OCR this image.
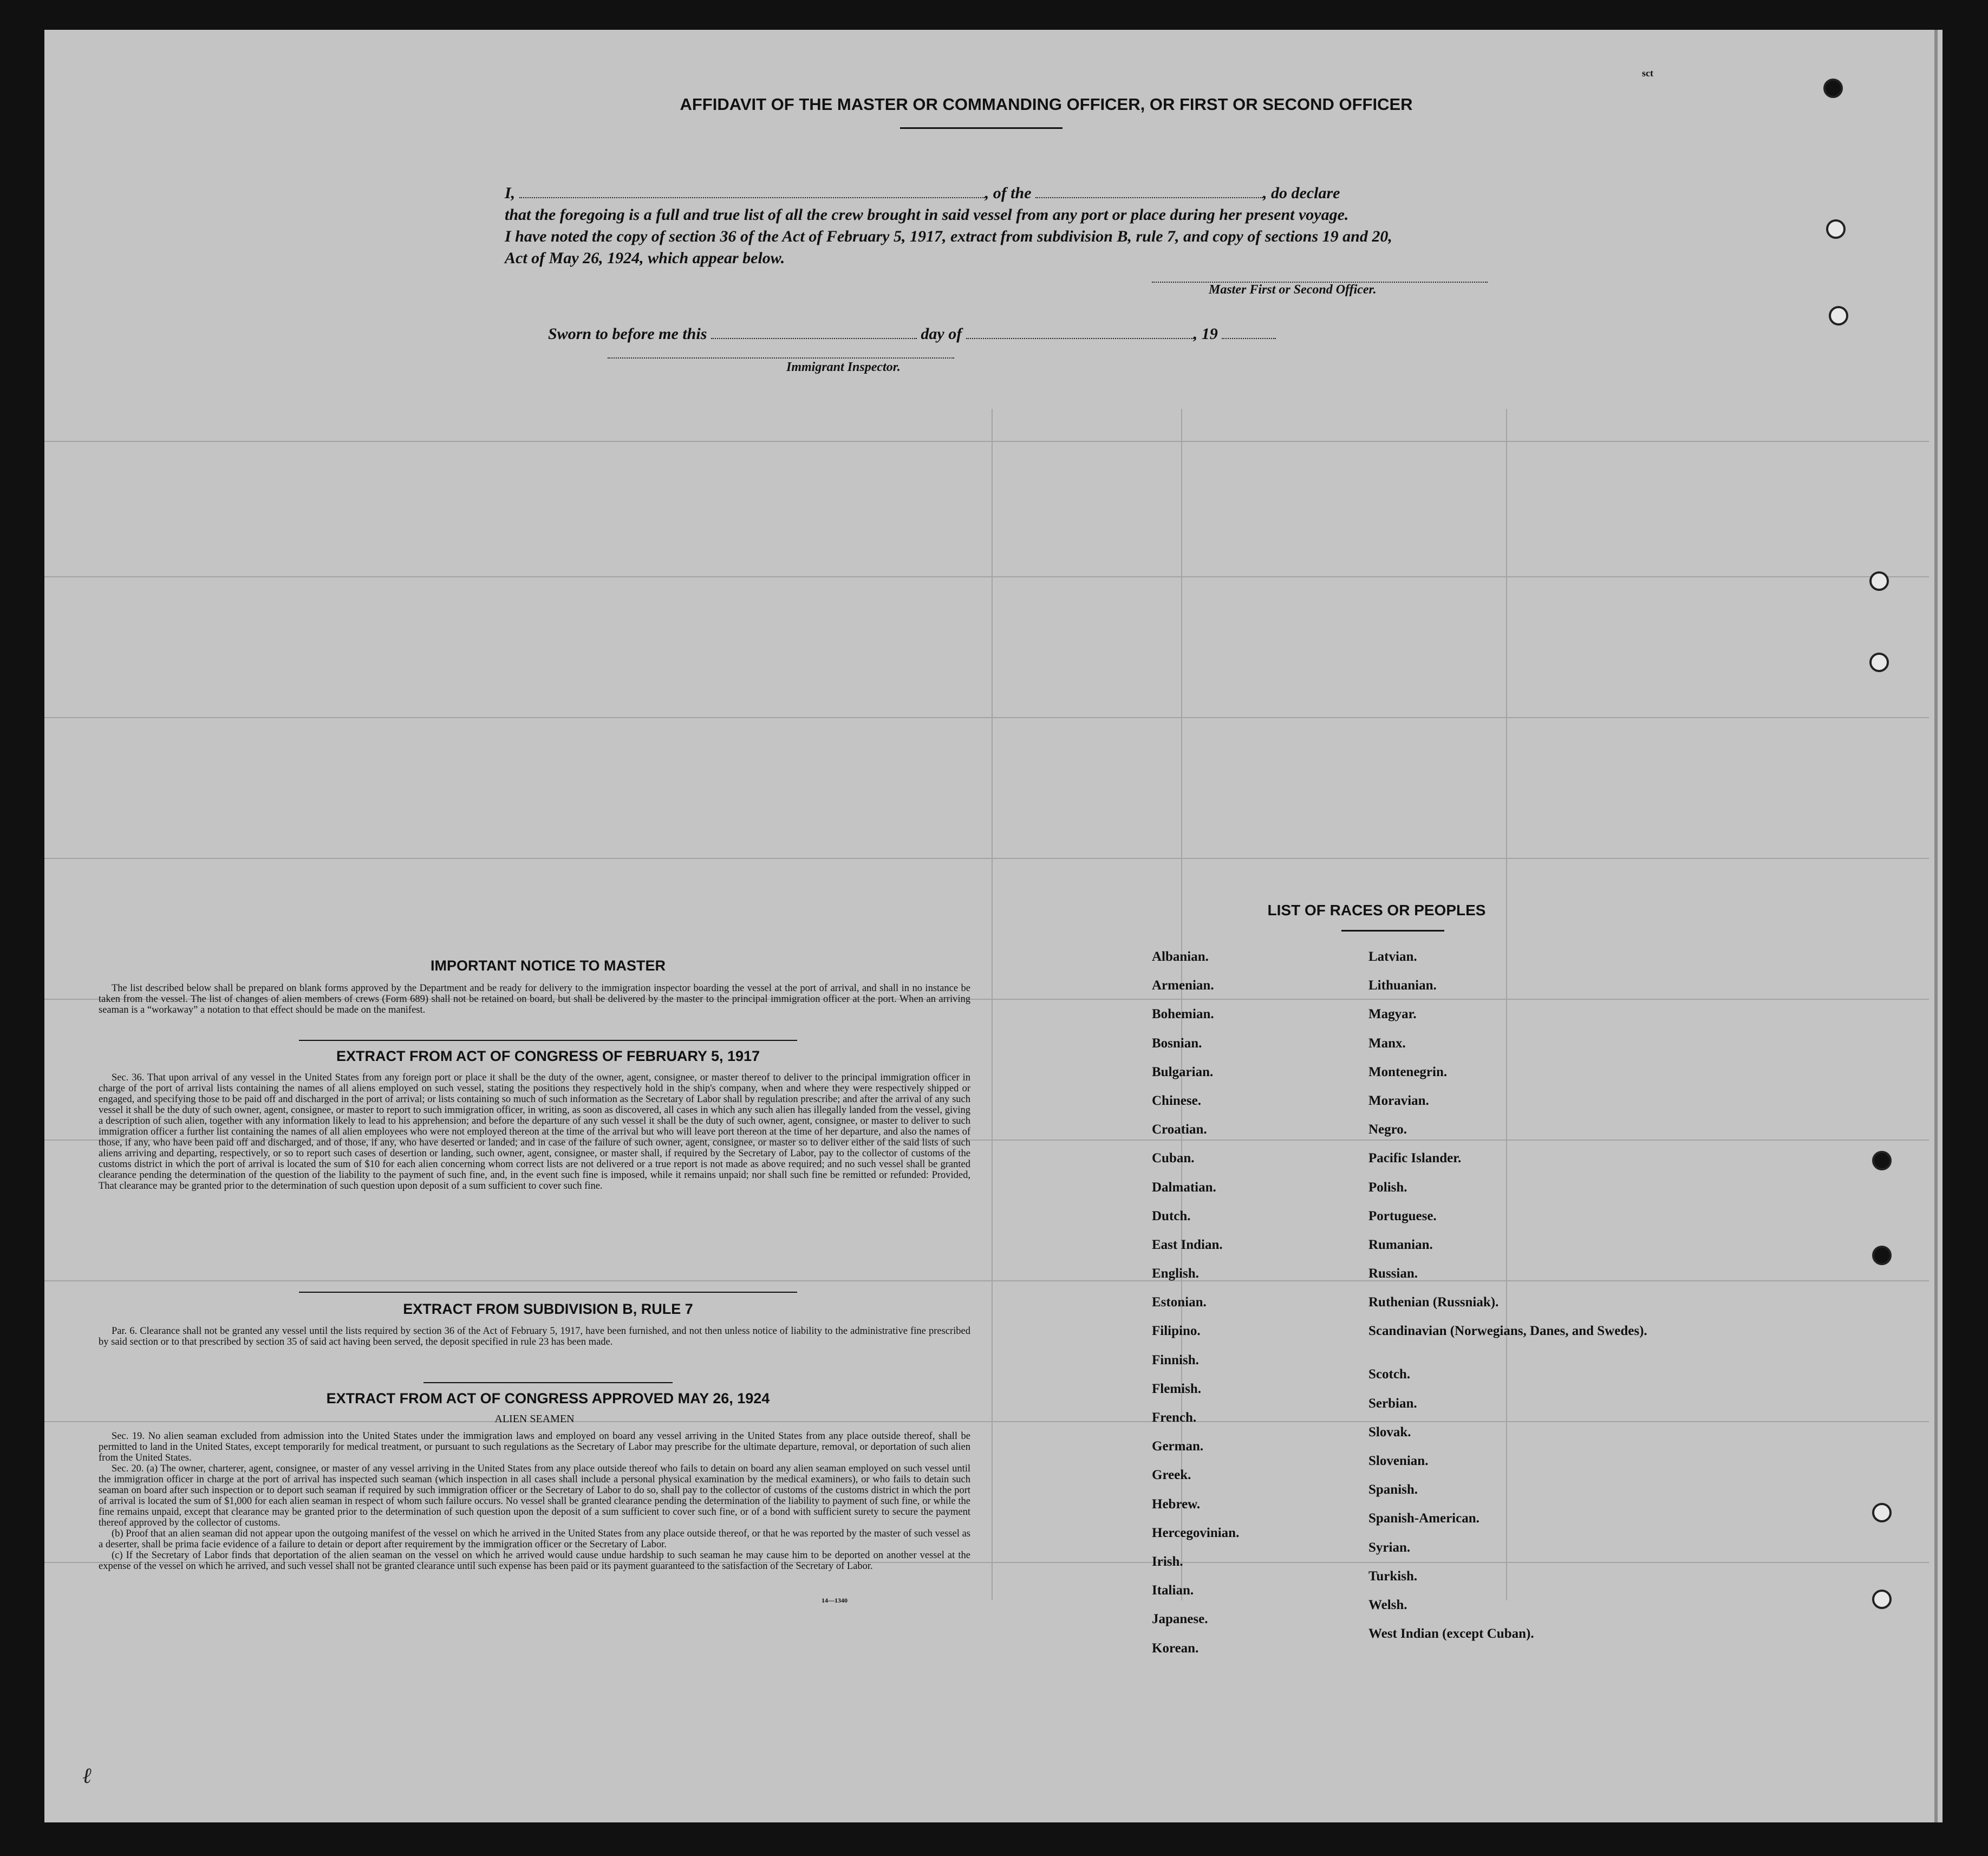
sct
AFFIDAVIT OF THE MASTER OR COMMANDING OFFICER, OR FIRST OR SECOND OFFICER
I,	, of the	, do declare
that the foregoing is a full and true list of all the crew brought in said vessel from any port or place during her present voyage.
I have noted the copy of section 36 of the Act of February 5, 1917, extract from subdivision B, rule 7, and copy of sections 19 and 20,
Act of May 26, 1924, which appear below.
Master First or Second Officer.
Sworn to before me this	day of	, 19
Immigrant Inspector.
IMPORTANT NOTICE TO MASTER

The list described below shall be prepared on blank forms approved by the Department and be ready for delivery to the immigration inspector boarding the vessel at the port of arrival, and shall in no instance be taken from the vessel. The list of changes of alien members of crews (Form 689) shall not be retained on board, but shall be delivered by the master to the principal immigration officer at the port. When an arriving seaman is a “workaway” a notation to that effect should be made on the manifest.

EXTRACT FROM ACT OF CONGRESS OF FEBRUARY 5, 1917

Sec. 36. That upon arrival of any vessel in the United States from any foreign port or place it shall be the duty of the owner, agent, consignee, or master thereof to deliver to the principal immigration officer in charge of the port of arrival lists containing the names of all aliens employed on such vessel, stating the positions they respectively hold in the ship's company, when and where they were respectively shipped or engaged, and specifying those to be paid off and discharged in the port of arrival; or lists containing so much of such information as the Secretary of Labor shall by regulation prescribe; and after the arrival of any such vessel it shall be the duty of such owner, agent, consignee, or master to report to such immigration officer, in writing, as soon as discovered, all cases in which any such alien has illegally landed from the vessel, giving a description of such alien, together with any information likely to lead to his apprehension; and before the departure of any such vessel it shall be the duty of such owner, agent, consignee, or master to deliver to such immigration officer a further list containing the names of all alien employees who were not employed thereon at the time of the arrival but who will leave port thereon at the time of her departure, and also the names of those, if any, who have been paid off and discharged, and of those, if any, who have deserted or landed; and in case of the failure of such owner, agent, consignee, or master so to deliver either of the said lists of such aliens arriving and departing, respectively, or so to report such cases of desertion or landing, such owner, agent, consignee, or master shall, if required by the Secretary of Labor, pay to the collector of customs of the customs district in which the port of arrival is located the sum of $10 for each alien concerning whom correct lists are not delivered or a true report is not made as above required; and no such vessel shall be granted clearance pending the determination of the question of the liability to the payment of such fine, and, in the event such fine is imposed, while it remains unpaid; nor shall such fine be remitted or refunded: Provided, That clearance may be granted prior to the determination of such question upon deposit of a sum sufficient to cover such fine.

EXTRACT FROM SUBDIVISION B, RULE 7

Par. 6. Clearance shall not be granted any vessel until the lists required by section 36 of the Act of February 5, 1917, have been furnished, and not then unless notice of liability to the administrative fine prescribed by said section or to that prescribed by section 35 of said act having been served, the deposit specified in rule 23 has been made.

EXTRACT FROM ACT OF CONGRESS APPROVED MAY 26, 1924
ALIEN SEAMEN

Sec. 19. No alien seaman excluded from admission into the United States under the immigration laws and employed on board any vessel arriving in the United States from any place outside thereof, shall be permitted to land in the United States, except temporarily for medical treatment, or pursuant to such regulations as the Secretary of Labor may prescribe for the ultimate departure, removal, or deportation of such alien from the United States.

Sec. 20. (a) The owner, charterer, agent, consignee, or master of any vessel arriving in the United States from any place outside thereof who fails to detain on board any alien seaman employed on such vessel until the immigration officer in charge at the port of arrival has inspected such seaman (which inspection in all cases shall include a personal physical examination by the medical examiners), or who fails to detain such seaman on board after such inspection or to deport such seaman if required by such immigration officer or the Secretary of Labor to do so, shall pay to the collector of customs of the customs district in which the port of arrival is located the sum of $1,000 for each alien seaman in respect of whom such failure occurs. No vessel shall be granted clearance pending the determination of the liability to payment of such fine, or while the fine remains unpaid, except that clearance may be granted prior to the determination of such question upon the deposit of a sum sufficient to cover such fine, or of a bond with sufficient surety to secure the payment thereof approved by the collector of customs.

(b) Proof that an alien seaman did not appear upon the outgoing manifest of the vessel on which he arrived in the United States from any place outside thereof, or that he was reported by the master of such vessel as a deserter, shall be prima facie evidence of a failure to detain or deport after requirement by the immigration officer or the Secretary of Labor.

(c) If the Secretary of Labor finds that deportation of the alien seaman on the vessel on which he arrived would cause undue hardship to such seaman he may cause him to be deported on another vessel at the expense of the vessel on which he arrived, and such vessel shall not be granted clearance until such expense has been paid or its payment guaranteed to the satisfaction of the Secretary of Labor.

14—1340
LIST OF RACES OR PEOPLES
Albanian.
Armenian.
Bohemian.
Bosnian.
Bulgarian.
Chinese.
Croatian.
Cuban.
Dalmatian.
Dutch.
East Indian.
English.
Estonian.
Filipino.
Finnish.
Flemish.
French.
German.
Greek.
Hebrew.
Hercegovinian.
Irish.
Italian.
Japanese.
Korean.
Latvian.
Lithuanian.
Magyar.
Manx.
Montenegrin.
Moravian.
Negro.
Pacific Islander.
Polish.
Portuguese.
Rumanian.
Russian.
Ruthenian (Russniak).
Scandinavian (Norwegians, Danes, and Swedes).
Scotch.
Serbian.
Slovak.
Slovenian.
Spanish.
Spanish-American.
Syrian.
Turkish.
Welsh.
West Indian (except Cuban).
ℓ
